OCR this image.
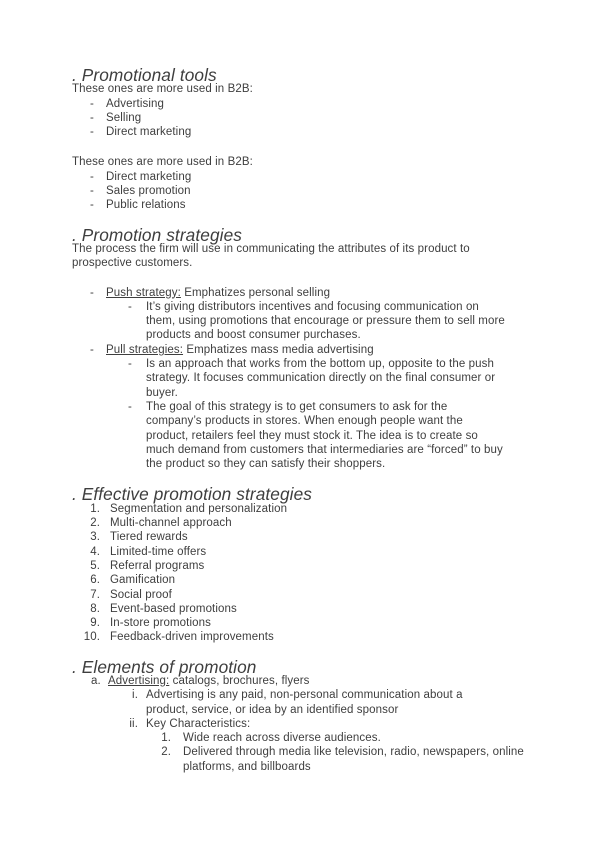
. Promotional tools

These ones are more used in B2B:

-	Advertising
-	Selling
-	Direct marketing

These ones are more used in B2B:

-	Direct marketing
-	Sales promotion
-	Public relations
. Promotion strategies

The process the firm will use in communicating the attributes of its product to prospective customers.

-	Push strategy: Emphatizes personal selling
-	It’s giving distributors incentives and focusing communication on them, using promotions that encourage or pressure them to sell more products and boost consumer purchases.
-	Pull strategies: Emphatizes mass media advertising
-	Is an approach that works from the bottom up, opposite to the push strategy. It focuses communication directly on the final consumer or buyer.
-	The goal of this strategy is to get consumers to ask for the company’s products in stores. When enough people want the product, retailers feel they must stock it. The idea is to create so much demand from customers that intermediaries are “forced” to buy the product so they can satisfy their shoppers.
. Effective promotion strategies
1. Segmentation and personalization
2. Multi-channel approach
3. Tiered rewards
4. Limited-time offers
5. Referral programs
6. Gamification
7. Social proof
8. Event-based promotions
9. In-store promotions
10. Feedback-driven improvements
. Elements of promotion
a. Advertising: catalogs, brochures, flyers
i. Advertising is any paid, non-personal communication about a product, service, or idea by an identified sponsor
ii. Key Characteristics:
1. Wide reach across diverse audiences.
2. Delivered through media like television, radio, newspapers, online platforms, and billboards
